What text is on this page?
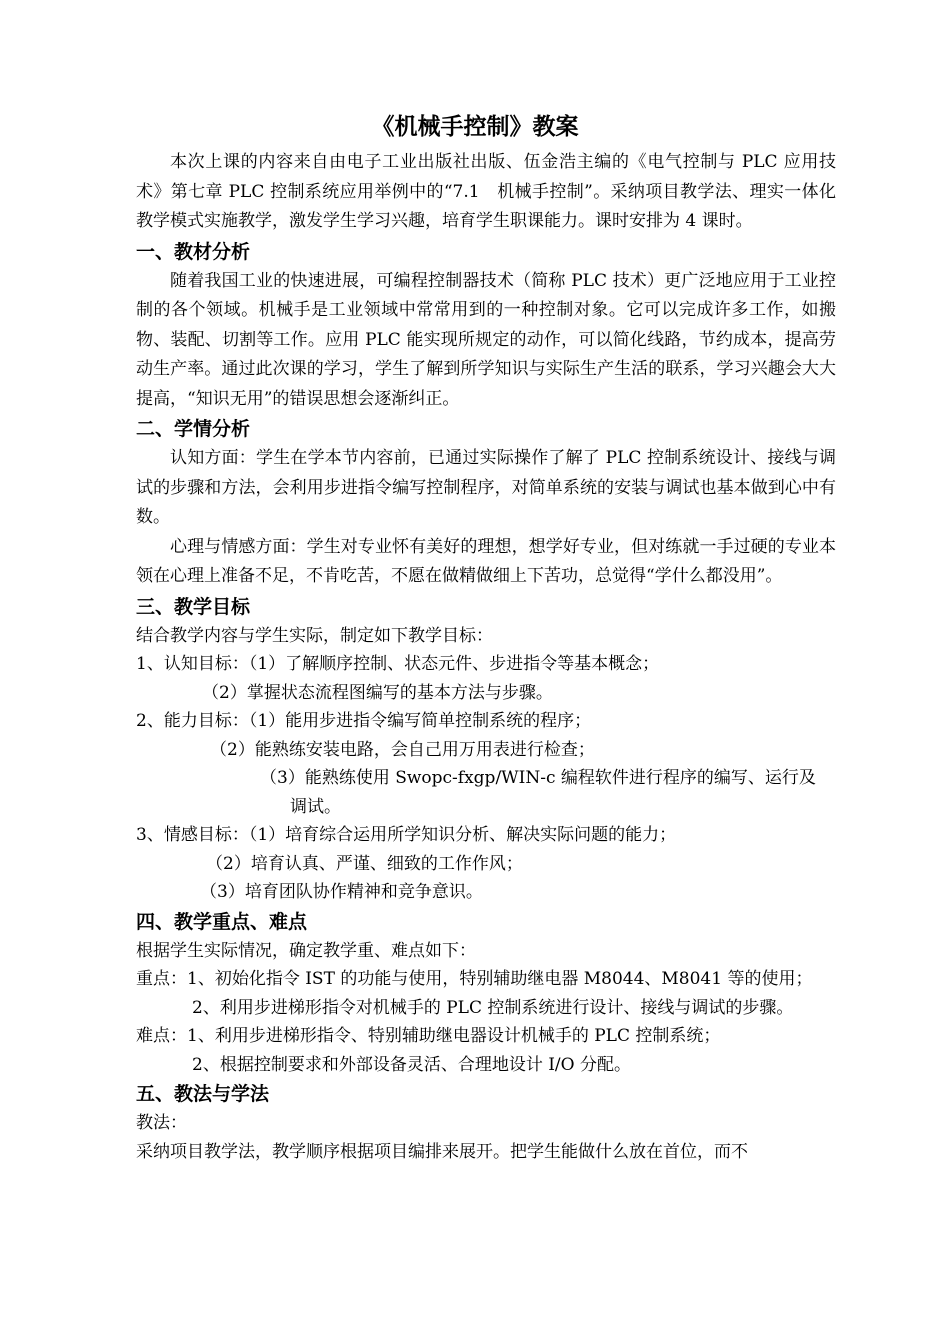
《机械手控制》教案
本次上课的内容来自由电子工业出版社出版、伍金浩主编的《电气控制与 PLC 应用技术》第七章 PLC 控制系统应用举例中的“7.1　机械手控制”。采纳项目教学法、理实一体化教学模式实施教学，激发学生学习兴趣，培育学生职课能力。课时安排为 4 课时。
一、教材分析
随着我国工业的快速进展，可编程控制器技术（简称 PLC 技术）更广泛地应用于工业控制的各个领域。机械手是工业领域中常常用到的一种控制对象。它可以完成许多工作，如搬物、装配、切割等工作。应用 PLC 能实现所规定的动作，可以简化线路，节约成本，提高劳动生产率。通过此次课的学习，学生了解到所学知识与实际生产生活的联系，学习兴趣会大大提高，“知识无用”的错误思想会逐渐纠正。
二、学情分析
认知方面：学生在学本节内容前，已通过实际操作了解了 PLC 控制系统设计、接线与调试的步骤和方法，会利用步进指令编写控制程序，对简单系统的安装与调试也基本做到心中有数。
心理与情感方面：学生对专业怀有美好的理想，想学好专业，但对练就一手过硬的专业本领在心理上准备不足，不肯吃苦，不愿在做精做细上下苦功，总觉得“学什么都没用”。
三、教学目标
结合教学内容与学生实际，制定如下教学目标：
1、认知目标：（1）了解顺序控制、状态元件、步进指令等基本概念；
（2）掌握状态流程图编写的基本方法与步骤。
2、能力目标：（1）能用步进指令编写简单控制系统的程序；
（2）能熟练安装电路，会自己用万用表进行检查；
（3）能熟练使用 Swopc-fxgp/WIN-c 编程软件进行程序的编写、运行及
调试。
3、情感目标：（1）培育综合运用所学知识分析、解决实际问题的能力；
（2）培育认真、严谨、细致的工作作风；
（3）培育团队协作精神和竞争意识。
四、教学重点、难点
根据学生实际情况，确定教学重、难点如下：
重点：1、初始化指令 IST 的功能与使用，特别辅助继电器 M8044、M8041 等的使用；
2、利用步进梯形指令对机械手的 PLC 控制系统进行设计、接线与调试的步骤。
难点：1、利用步进梯形指令、特别辅助继电器设计机械手的 PLC 控制系统；
2、根据控制要求和外部设备灵活、合理地设计 I/O 分配。
五、教法与学法
教法：
采纳项目教学法，教学顺序根据项目编排来展开。把学生能做什么放在首位，而不
